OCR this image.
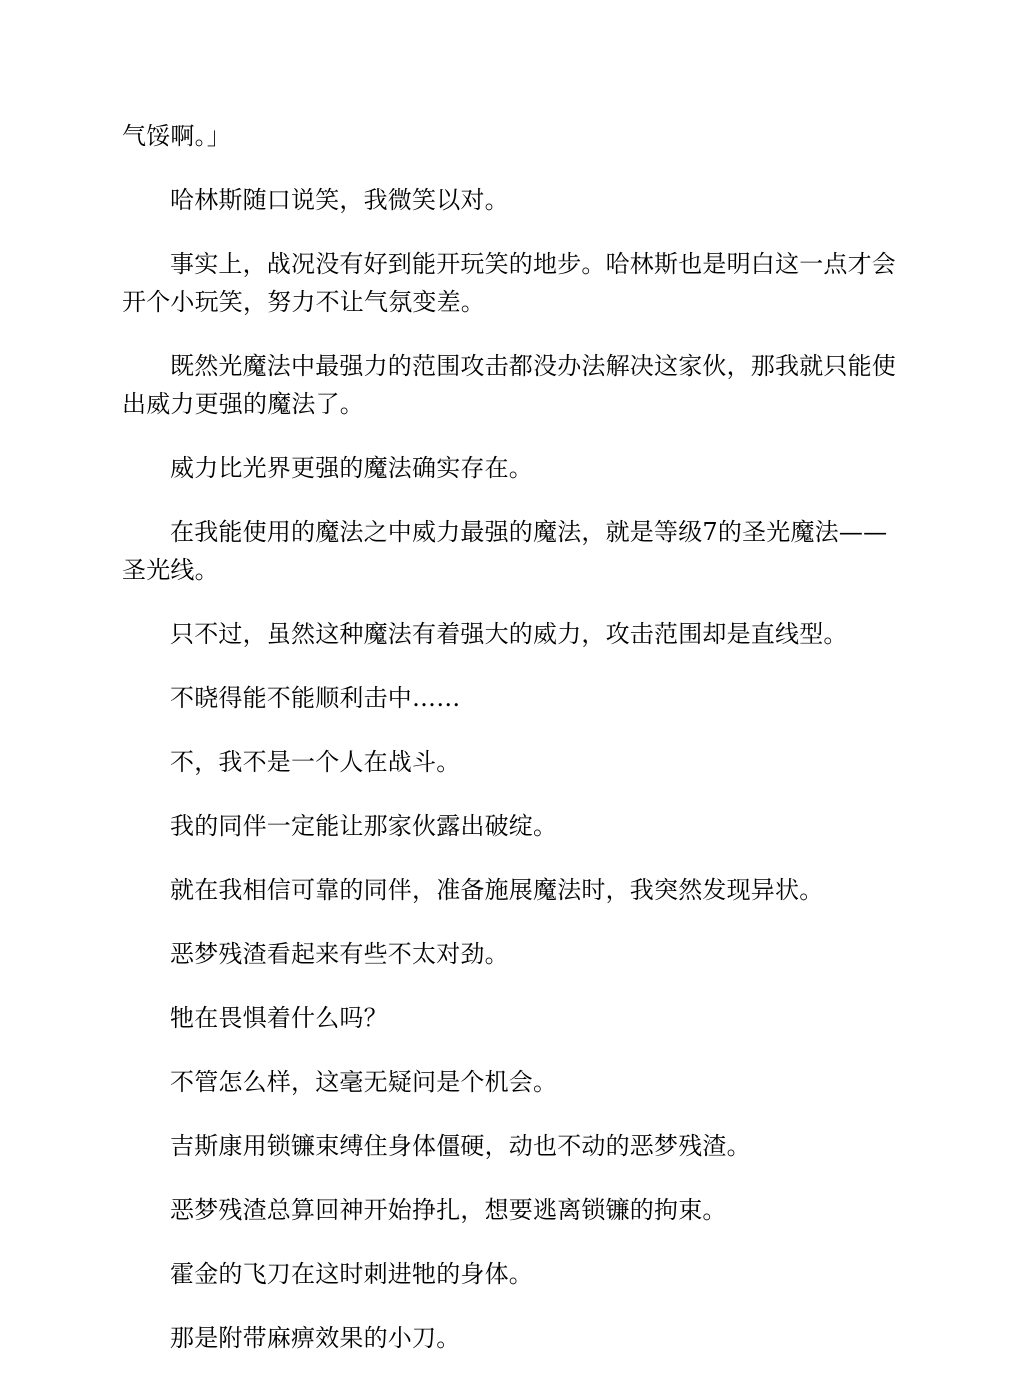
气馁啊。」

哈林斯随口说笑，我微笑以对。

事实上，战况没有好到能开玩笑的地步。哈林斯也是明白这一点才会开个小玩笑，努力不让气氛变差。

既然光魔法中最强力的范围攻击都没办法解决这家伙，那我就只能使出威力更强的魔法了。

威力比光界更强的魔法确实存在。

在我能使用的魔法之中威力最强的魔法，就是等级7的圣光魔法——圣光线。

只不过，虽然这种魔法有着强大的威力，攻击范围却是直线型。

不晓得能不能顺利击中……

不，我不是一个人在战斗。

我的同伴一定能让那家伙露出破绽。

就在我相信可靠的同伴，准备施展魔法时，我突然发现异状。

恶梦残渣看起来有些不太对劲。

牠在畏惧着什么吗？

不管怎么样，这毫无疑问是个机会。

吉斯康用锁镰束缚住身体僵硬，动也不动的恶梦残渣。

恶梦残渣总算回神开始挣扎，想要逃离锁镰的拘束。

霍金的飞刀在这时刺进牠的身体。

那是附带麻痹效果的小刀。
